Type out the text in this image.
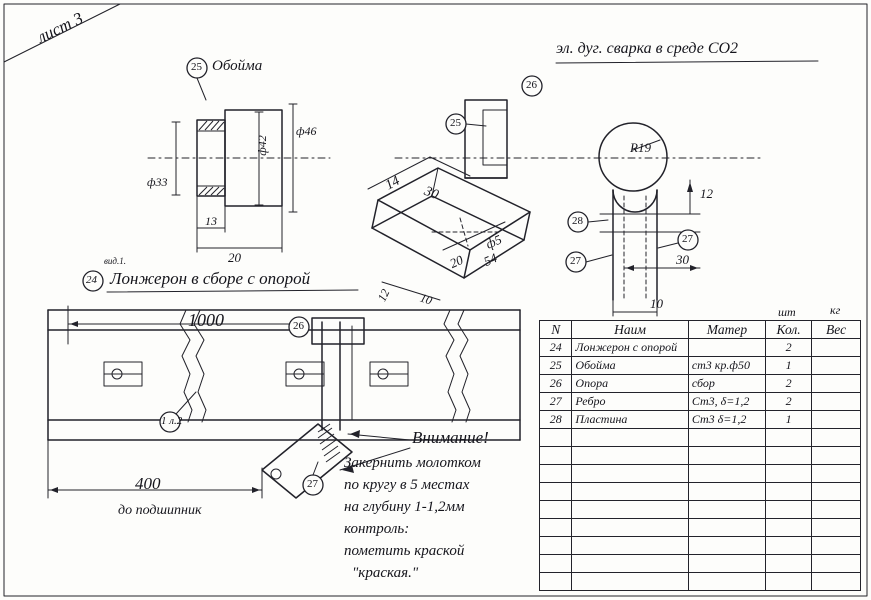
лист 3
эл. дуг. сварка в среде СО2
Обойма
25
ф33
ф42
ф46
13
20
26
25
14
30
ф5
54
20
10
12
R19
12
30
10
28
27
27
вид.1.
24 Лонжерон в сборе с опорой
1000
400
до подшипник
26
27
1 л.2
Внимание!
Закернить молотком
по кругу в 5 местах
на глубину 1-1,2мм
контроль:
пометить краской
"краская."
шт	кг
N	Наим	Матер	Кол.	Вес
24	Лонжерон с опорой		2	
25	Обойма	ст3 кр.ф50	1	
26	Опора	сбор	2	
27	Ребро	Ст3, δ=1,2	2	
28	Пластина	Ст3 δ=1,2	1	
